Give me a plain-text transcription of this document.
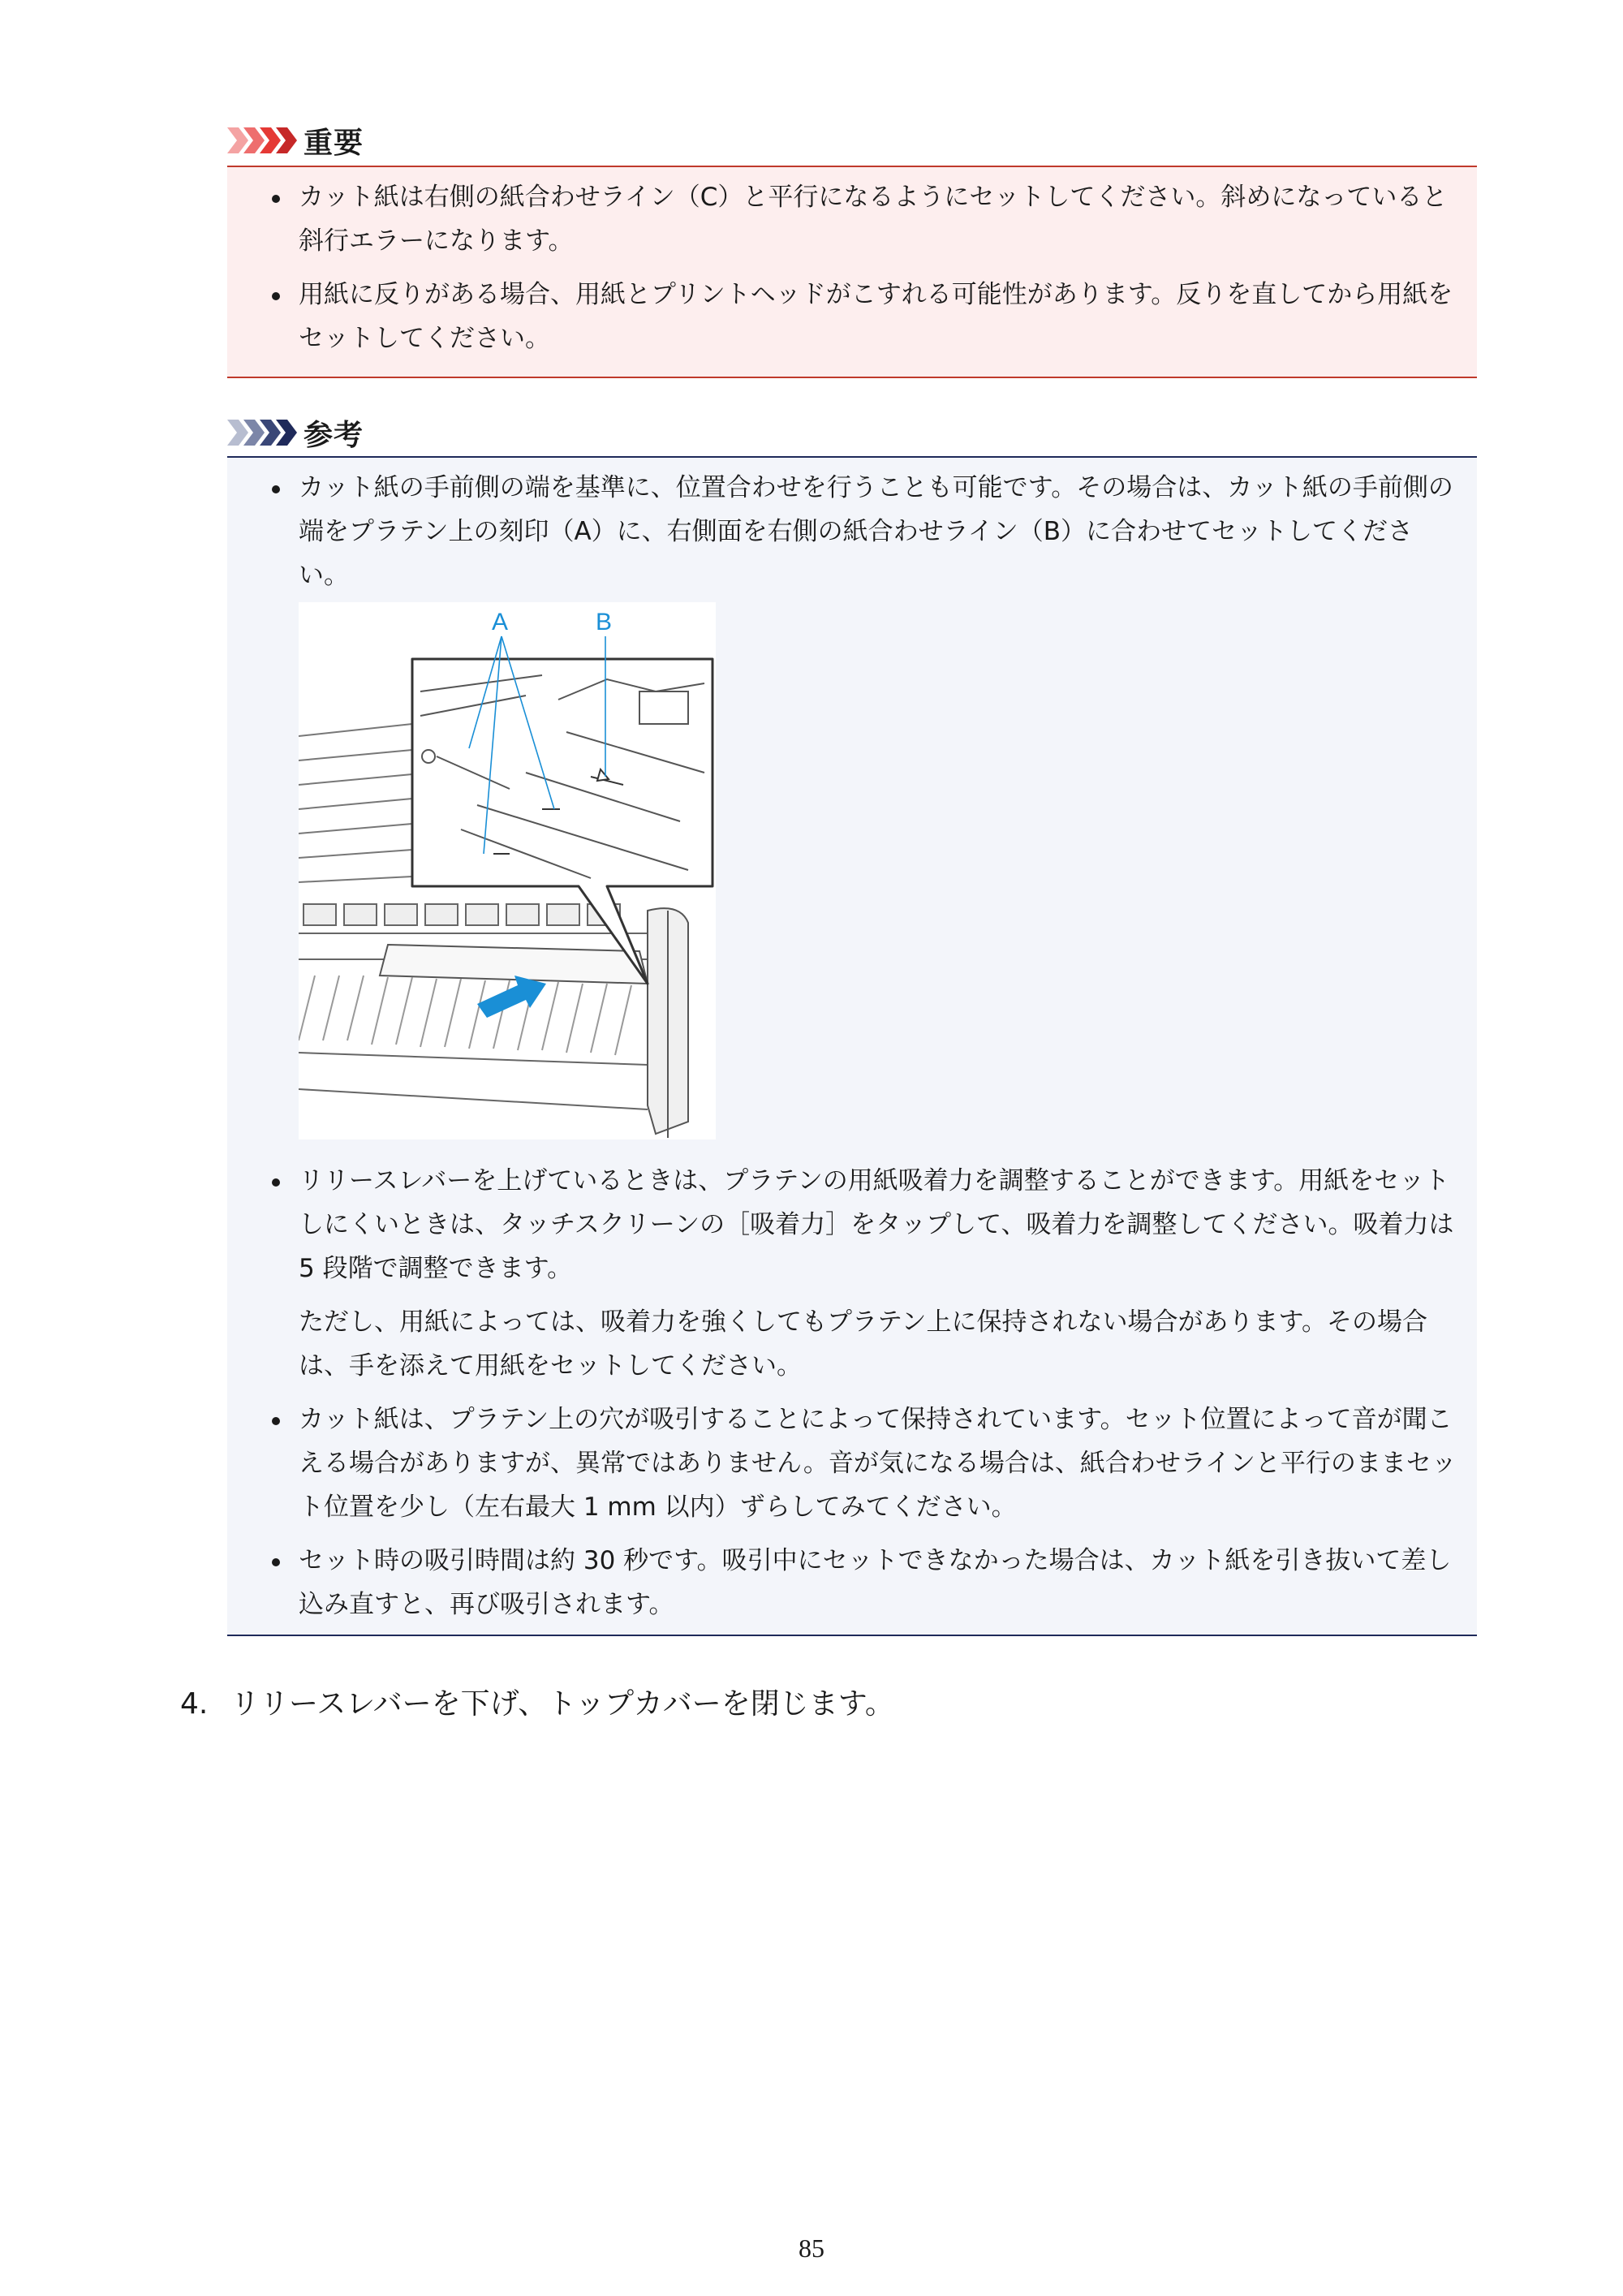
重要
カット紙は右側の紙合わせライン（C）と平行になるようにセットしてください。斜めになっていると斜行エラーになります。
用紙に反りがある場合、用紙とプリントヘッドがこすれる可能性があります。反りを直してから用紙をセットしてください。
参考
カット紙の手前側の端を基準に、位置合わせを行うことも可能です。その場合は、カット紙の手前側の端をプラテン上の刻印（A）に、右側面を右側の紙合わせライン（B）に合わせてセットしてください。
A	B
リリースレバーを上げているときは、プラテンの用紙吸着力を調整することができます。用紙をセットしにくいときは、タッチスクリーンの［吸着力］をタップして、吸着力を調整してください。吸着力は 5 段階で調整できます。
ただし、用紙によっては、吸着力を強くしてもプラテン上に保持されない場合があります。その場合は、手を添えて用紙をセットしてください。
カット紙は、プラテン上の穴が吸引することによって保持されています。セット位置によって音が聞こえる場合がありますが、異常ではありません。音が気になる場合は、紙合わせラインと平行のままセット位置を少し（左右最大 1 mm 以内）ずらしてみてください。
セット時の吸引時間は約 30 秒です。吸引中にセットできなかった場合は、カット紙を引き抜いて差し込み直すと、再び吸引されます。
4. リリースレバーを下げ、トップカバーを閉じます。
85
